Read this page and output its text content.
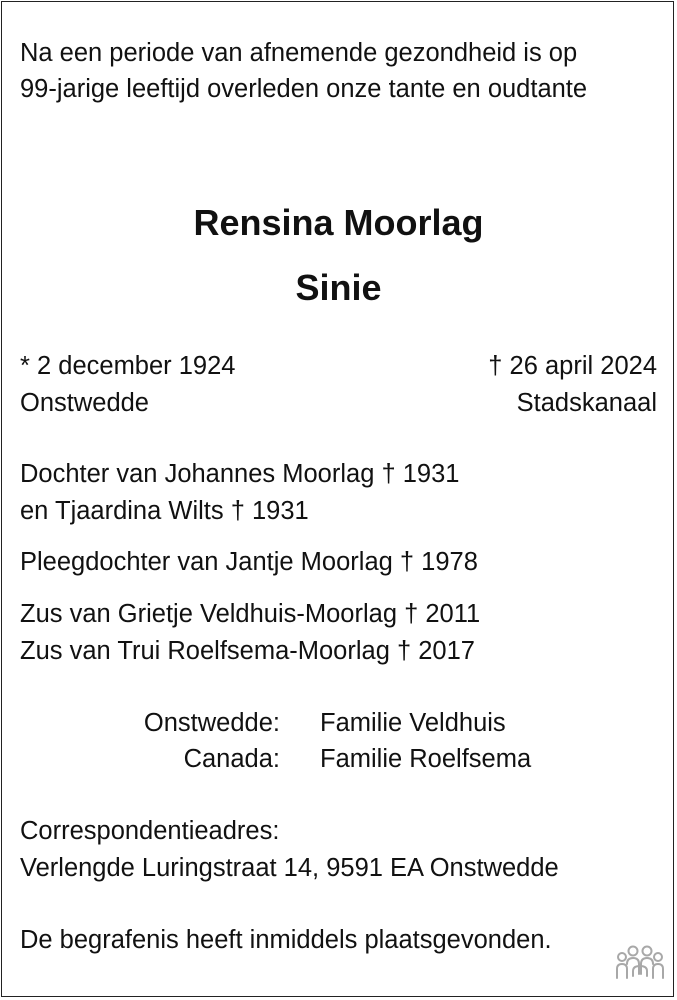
Na een periode van afnemende gezondheid is op
99-jarige leeftijd overleden onze tante en oudtante
Rensina Moorlag
Sinie
* 2 december 1924
Onstwedde
† 26 april 2024
Stadskanaal
Dochter van Johannes Moorlag † 1931
en Tjaardina Wilts † 1931
Pleegdochter van Jantje Moorlag † 1978
Zus van Grietje Veldhuis-Moorlag † 2011
Zus van Trui Roelfsema-Moorlag † 2017
Onstwedde: Familie Veldhuis
Canada: Familie Roelfsema
Correspondentieadres:
Verlengde Luringstraat 14, 9591 EA Onstwedde
De begrafenis heeft inmiddels plaatsgevonden.
